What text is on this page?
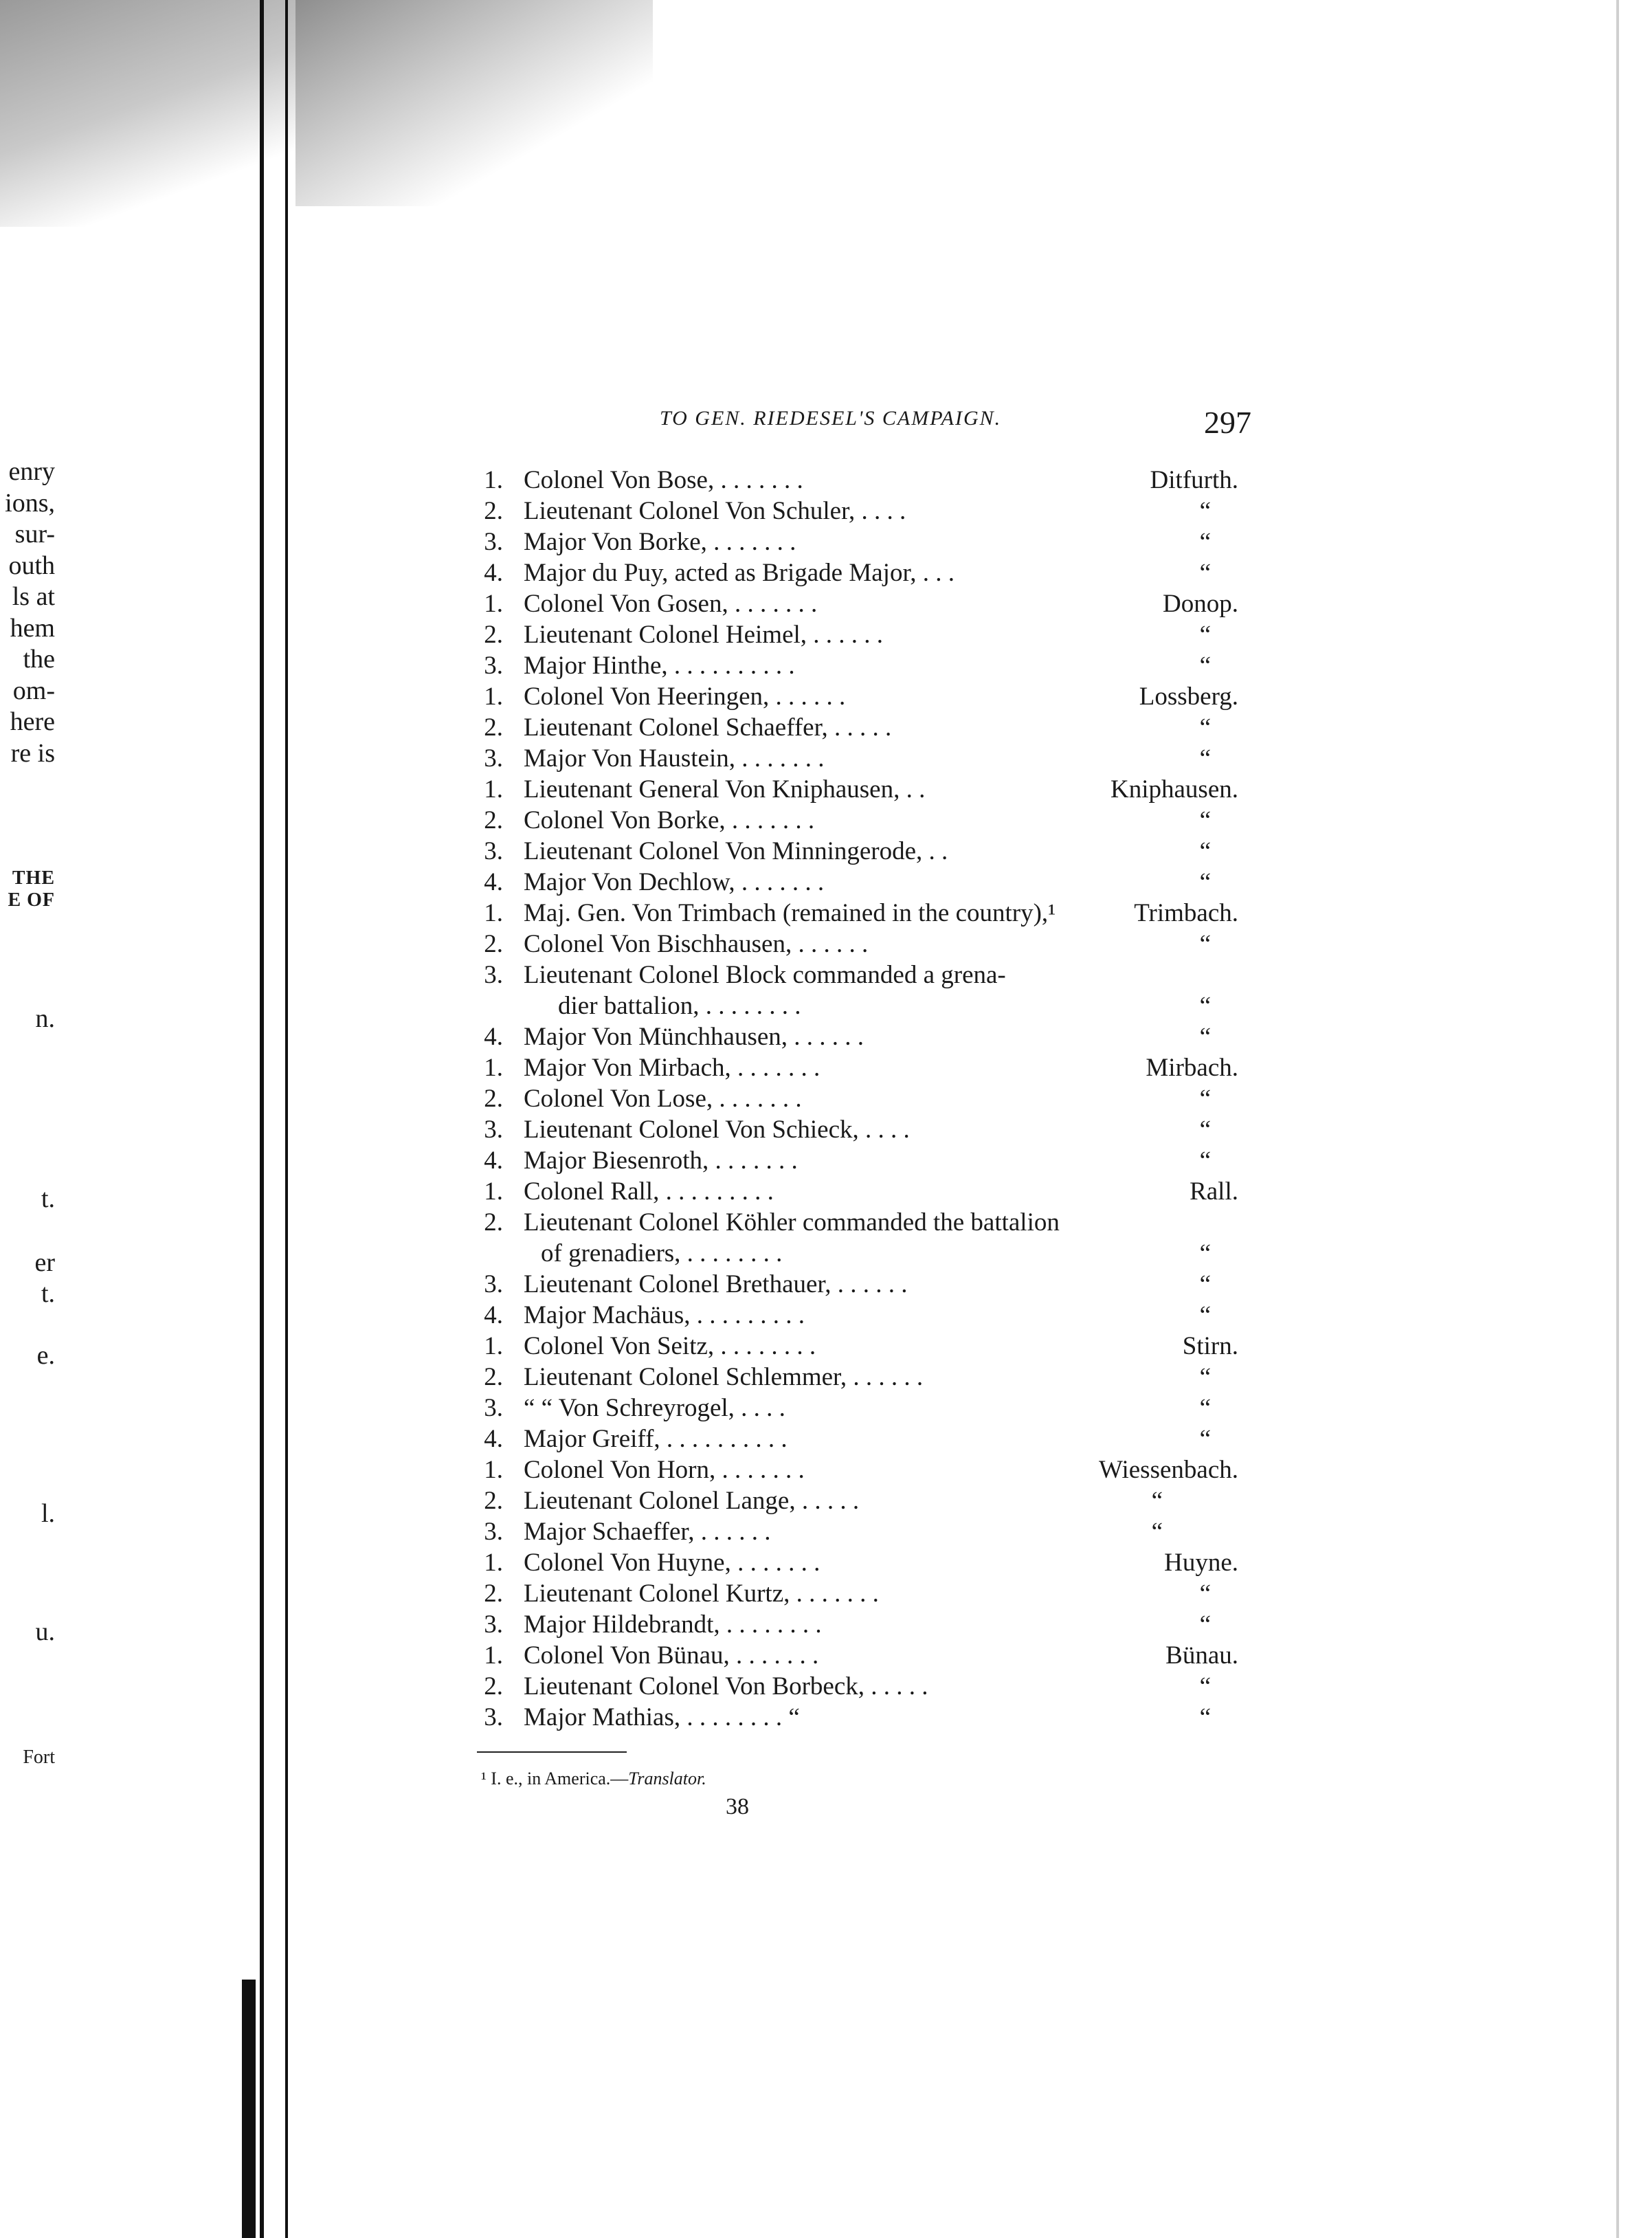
enry
ions,
sur-
outh
ls at
hem
the
om-
here
re is
THE
E OF
n.
t.
er
t.
e.
l.
u.
Fort
TO GEN. RIEDESEL'S CAMPAIGN.	297
1. Colonel Von Bose, . . . . . . .	Ditfurth.
2. Lieutenant Colonel Von Schuler, . . . .	“
3. Major Von Borke, . . . . . . .	“
4. Major du Puy, acted as Brigade Major, . . .	“
1. Colonel Von Gosen, . . . . . . .	Donop.
2. Lieutenant Colonel Heimel, . . . . . .	“
3. Major Hinthe, . . . . . . . . . .	“
1. Colonel Von Heeringen, . . . . . .	Lossberg.
2. Lieutenant Colonel Schaeffer, . . . . .	“
3. Major Von Haustein, . . . . . . .	“
1. Lieutenant General Von Kniphausen, . .	Kniphausen.
2. Colonel Von Borke, . . . . . . .	“
3. Lieutenant Colonel Von Minningerode, . .	“
4. Major Von Dechlow, . . . . . . .	“
1. Maj. Gen. Von Trimbach (remained in the country),¹	Trimbach.
2. Colonel Von Bischhausen, . . . . . .	“
3. Lieutenant Colonel Block commanded a grena-
dier battalion, . . . . . . . .	“
4. Major Von Münchhausen, . . . . . .	“
1. Major Von Mirbach, . . . . . . .	Mirbach.
2. Colonel Von Lose, . . . . . . .	“
3. Lieutenant Colonel Von Schieck, . . . .	“
4. Major Biesenroth, . . . . . . .	“
1. Colonel Rall, . . . . . . . . .	Rall.
2. Lieutenant Colonel Köhler commanded the battalion
of grenadiers, . . . . . . . .	“
3. Lieutenant Colonel Brethauer, . . . . . .	“
4. Major Machäus, . . . . . . . . .	“
1. Colonel Von Seitz, . . . . . . . .	Stirn.
2. Lieutenant Colonel Schlemmer, . . . . . .	“
3. “ “ Von Schreyrogel, . . . .	“
4. Major Greiff, . . . . . . . . . .	“
1. Colonel Von Horn, . . . . . . .	Wiessenbach.
2. Lieutenant Colonel Lange, . . . . .	“
3. Major Schaeffer, . . . . . .	“
1. Colonel Von Huyne, . . . . . . .	Huyne.
2. Lieutenant Colonel Kurtz, . . . . . . .	“
3. Major Hildebrandt, . . . . . . . .	“
1. Colonel Von Bünau, . . . . . . .	Bünau.
2. Lieutenant Colonel Von Borbeck, . . . . .	“
3. Major Mathias, . . . . . . . . “	“
¹ I. e., in America.—Translator.
38
